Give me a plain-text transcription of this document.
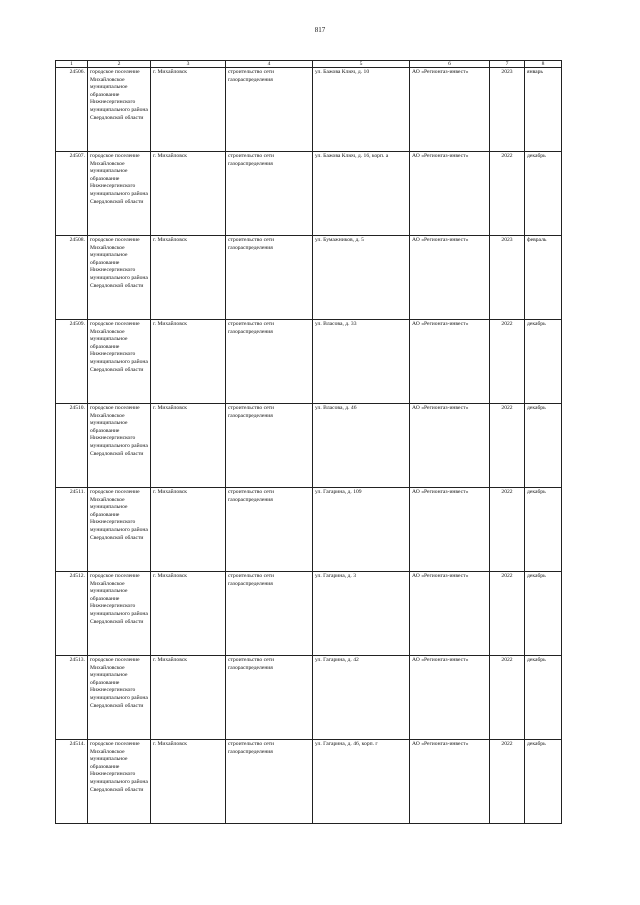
817
1	2	3	4	5	6	7	8
24506.	городское поселение Михайловское муниципальное образование Нижнесергинского муниципального района Свердловской области	г. Михайловск	строительство сети газораспределения	ул. Бажова Ключ, д. 10	АО «Регионгаз-инвест»	2023	январь
24507.	городское поселение Михайловское муниципальное образование Нижнесергинского муниципального района Свердловской области	г. Михайловск	строительство сети газораспределения	ул. Бажова Ключ, д. 16, корп. а	АО «Регионгаз-инвест»	2022	декабрь
24508.	городское поселение Михайловское муниципальное образование Нижнесергинского муниципального района Свердловской области	г. Михайловск	строительство сети газораспределения	ул. Бумажников, д. 5	АО «Регионгаз-инвест»	2023	февраль
24509.	городское поселение Михайловское муниципальное образование Нижнесергинского муниципального района Свердловской области	г. Михайловск	строительство сети газораспределения	ул. Власова, д. 33	АО «Регионгаз-инвест»	2022	декабрь
24510.	городское поселение Михайловское муниципальное образование Нижнесергинского муниципального района Свердловской области	г. Михайловск	строительство сети газораспределения	ул. Власова, д. 46	АО «Регионгаз-инвест»	2022	декабрь
24511.	городское поселение Михайловское муниципальное образование Нижнесергинского муниципального района Свердловской области	г. Михайловск	строительство сети газораспределения	ул. Гагарина, д. 109	АО «Регионгаз-инвест»	2022	декабрь
24512.	городское поселение Михайловское муниципальное образование Нижнесергинского муниципального района Свердловской области	г. Михайловск	строительство сети газораспределения	ул. Гагарина, д. 3	АО «Регионгаз-инвест»	2022	декабрь
24513.	городское поселение Михайловское муниципальное образование Нижнесергинского муниципального района Свердловской области	г. Михайловск	строительство сети газораспределения	ул. Гагарина, д. 42	АО «Регионгаз-инвест»	2022	декабрь
24514.	городское поселение Михайловское муниципальное образование Нижнесергинского муниципального района Свердловской области	г. Михайловск	строительство сети газораспределения	ул. Гагарина, д. 46, корп. г	АО «Регионгаз-инвест»	2022	декабрь
